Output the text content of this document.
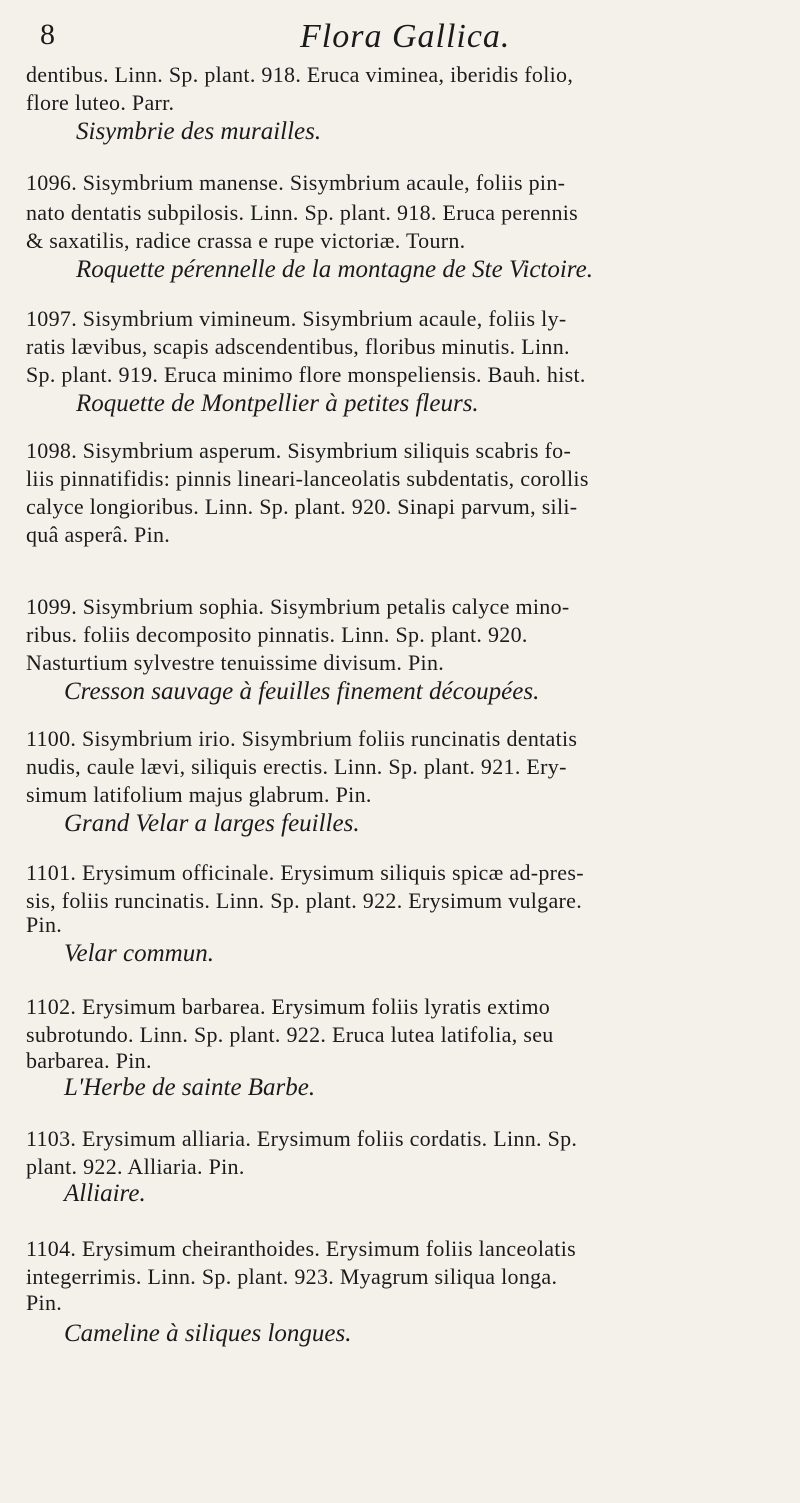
8	Flora Gallica.
dentibus. Linn. Sp. plant. 918. Eruca viminea, iberidis folio,
flore luteo. Parr.
Sisymbrie des murailles.
1096. Sisymbrium manense. Sisymbrium acaule, foliis pin-
nato dentatis subpilosis. Linn. Sp. plant. 918. Eruca perennis
& saxatilis, radice crassa e rupe victoriæ. Tourn.
Roquette pérennelle de la montagne de Ste Victoire.
1097. Sisymbrium vimineum. Sisymbrium acaule, foliis ly-
ratis lævibus, scapis adscendentibus, floribus minutis. Linn.
Sp. plant. 919. Eruca minimo flore monspeliensis. Bauh. hist.
Roquette de Montpellier à petites fleurs.
1098. Sisymbrium asperum. Sisymbrium siliquis scabris fo-
liis pinnatifidis: pinnis lineari-lanceolatis subdentatis, corollis
calyce longioribus. Linn. Sp. plant. 920. Sinapi parvum, sili-
quâ asperâ. Pin.
1099. Sisymbrium sophia. Sisymbrium petalis calyce mino-
ribus. foliis decomposito pinnatis. Linn. Sp. plant. 920.
Nasturtium sylvestre tenuissime divisum. Pin.
Cresson sauvage à feuilles finement découpées.
1100. Sisymbrium irio. Sisymbrium foliis runcinatis dentatis
nudis, caule lævi, siliquis erectis. Linn. Sp. plant. 921. Ery-
simum latifolium majus glabrum. Pin.
Grand Velar a larges feuilles.
1101. Erysimum officinale. Erysimum siliquis spicæ ad-pres-
sis, foliis runcinatis. Linn. Sp. plant. 922. Erysimum vulgare.
Pin.
Velar commun.
1102. Erysimum barbarea. Erysimum foliis lyratis extimo
subrotundo. Linn. Sp. plant. 922. Eruca lutea latifolia, seu
barbarea. Pin.
L'Herbe de sainte Barbe.
1103. Erysimum alliaria. Erysimum foliis cordatis. Linn. Sp.
plant. 922. Alliaria. Pin.
Alliaire.
1104. Erysimum cheiranthoides. Erysimum foliis lanceolatis
integerrimis. Linn. Sp. plant. 923. Myagrum siliqua longa.
Pin.
Cameline à siliques longues.
